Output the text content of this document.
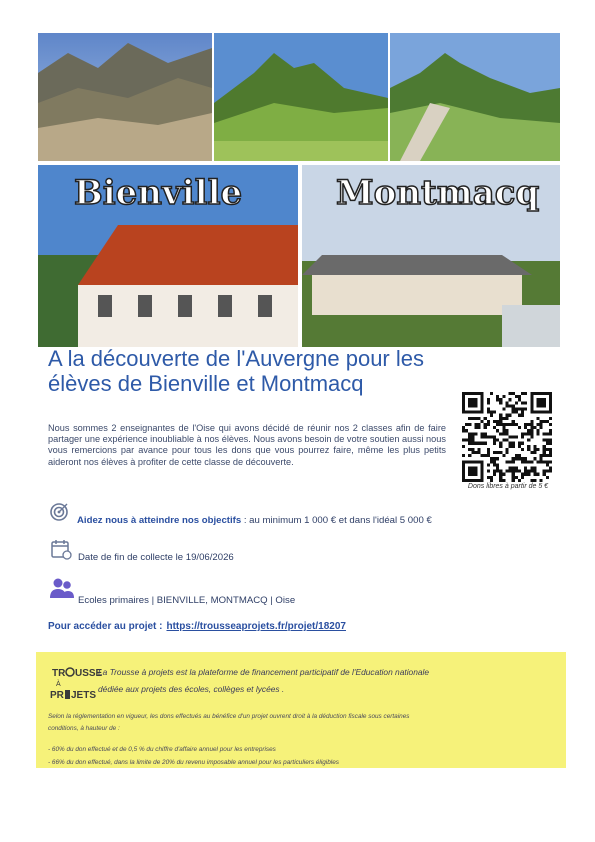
Bienville	Montmacq
A la découverte de l'Auvergne pour les élèves de Bienville et Montmacq
Nous sommes 2 enseignantes de l'Oise qui avons décidé de réunir nos 2 classes afin de faire partager une expérience inoubliable à nos élèves. Nous avons besoin de votre soutien aussi nous vous remercions par avance pour tous les dons que vous pourrez faire, même les plus petits aideront nos élèves à profiter de cette classe de découverte.
Dons libres à partir de 5 €
Aidez nous à atteindre nos objectifs : au minimum 1 000 € et dans l'idéal 5 000 €
Date de fin de collecte le 19/06/2026
Ecoles primaires | BIENVILLE, MONTMACQ | Oise
Pour accéder au projet : https://trousseaprojets.fr/projet/18207
TR USSE
À
PR JETS
La Trousse à projets est la plateforme de financement participatif de l'Education nationale
dédiée aux projets des écoles, collèges et lycées .
Selon la réglementation en vigueur, les dons effectués au bénéfice d'un projet ouvrent droit à la déduction fiscale sous certaines
conditions, à hauteur de :
- 60% du don effectué et de 0,5 % du chiffre d'affaire annuel pour les entreprises
- 66% du don effectué, dans la limite de 20% du revenu imposable annuel pour les particuliers éligibles
